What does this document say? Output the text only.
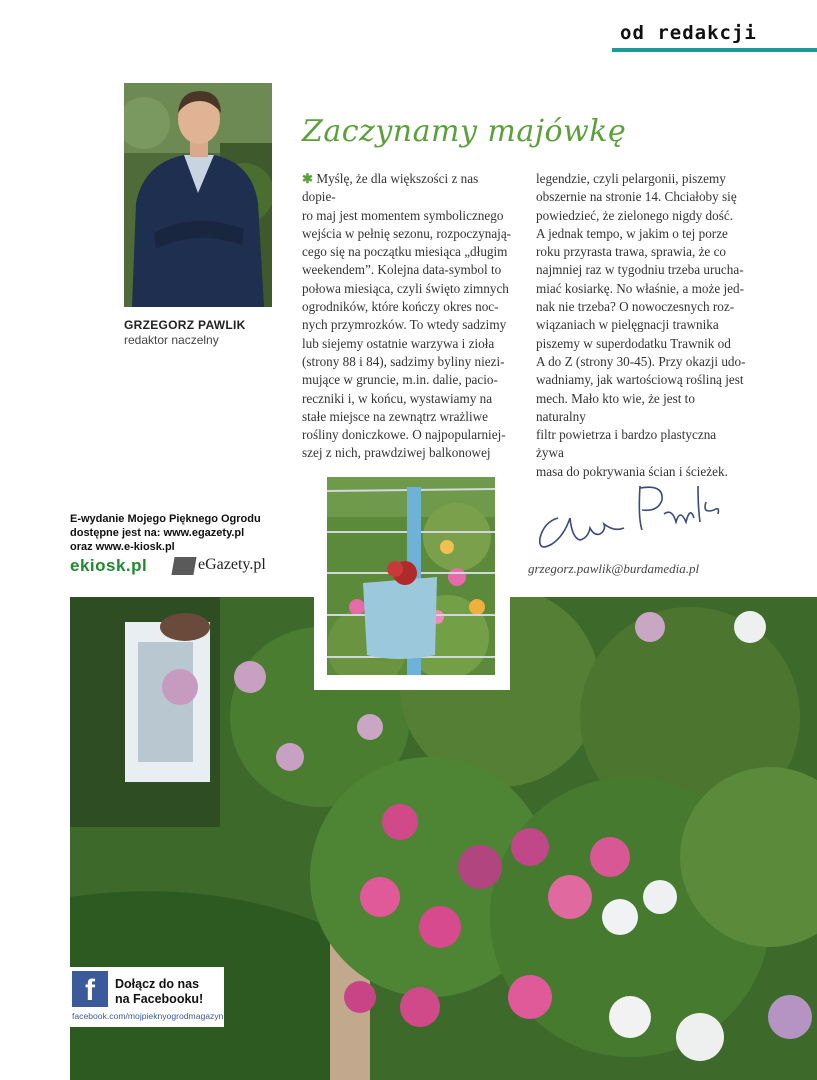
od redakcji
GRZEGORZ PAWLIK
redaktor naczelny
Zaczynamy majówkę
✱ Myślę, że dla większości z nas dopie-
ro maj jest momentem symbolicznego
wejścia w pełnię sezonu, rozpoczynają-
cego się na początku miesiąca „długim
weekendem”. Kolejna data-symbol to
połowa miesiąca, czyli święto zimnych
ogrodników, które kończy okres noc-
nych przymrozków. To wtedy sadzimy
lub siejemy ostatnie warzywa i zioła
(strony 88 i 84), sadzimy byliny niezi-
mujące w gruncie, m.in. dalie, pacio-
reczniki i, w końcu, wystawiamy na
stałe miejsce na zewnątrz wrażliwe
rośliny doniczkowe. O najpopularniej-
szej z nich, prawdziwej balkonowej
legendzie, czyli pelargonii, piszemy
obszernie na stronie 14. Chciałoby się
powiedzieć, że zielonego nigdy dość.
A jednak tempo, w jakim o tej porze
roku przyrasta trawa, sprawia, że co
najmniej raz w tygodniu trzeba urucha-
miać kosiarkę. No właśnie, a może jed-
nak nie trzeba? O nowoczesnych roz-
wiązaniach w pielęgnacji trawnika
piszemy w superdodatku Trawnik od
A do Z (strony 30-45). Przy okazji udo-
wadniamy, jak wartościową rośliną jest
mech. Mało kto wie, że jest to naturalny
filtr powietrza i bardzo plastyczna żywa
masa do pokrywania ścian i ścieżek.
E-wydanie Mojego Pięknego Ogrodu
dostępne jest na: www.egazety.pl
oraz www.e-kiosk.pl
ekiosk.pl	eGazety.pl	grzegorz.pawlik@burdamedia.pl
f	Dołącz do nas
na Facebooku!
facebook.com/mojpieknyogrodmagazyn
